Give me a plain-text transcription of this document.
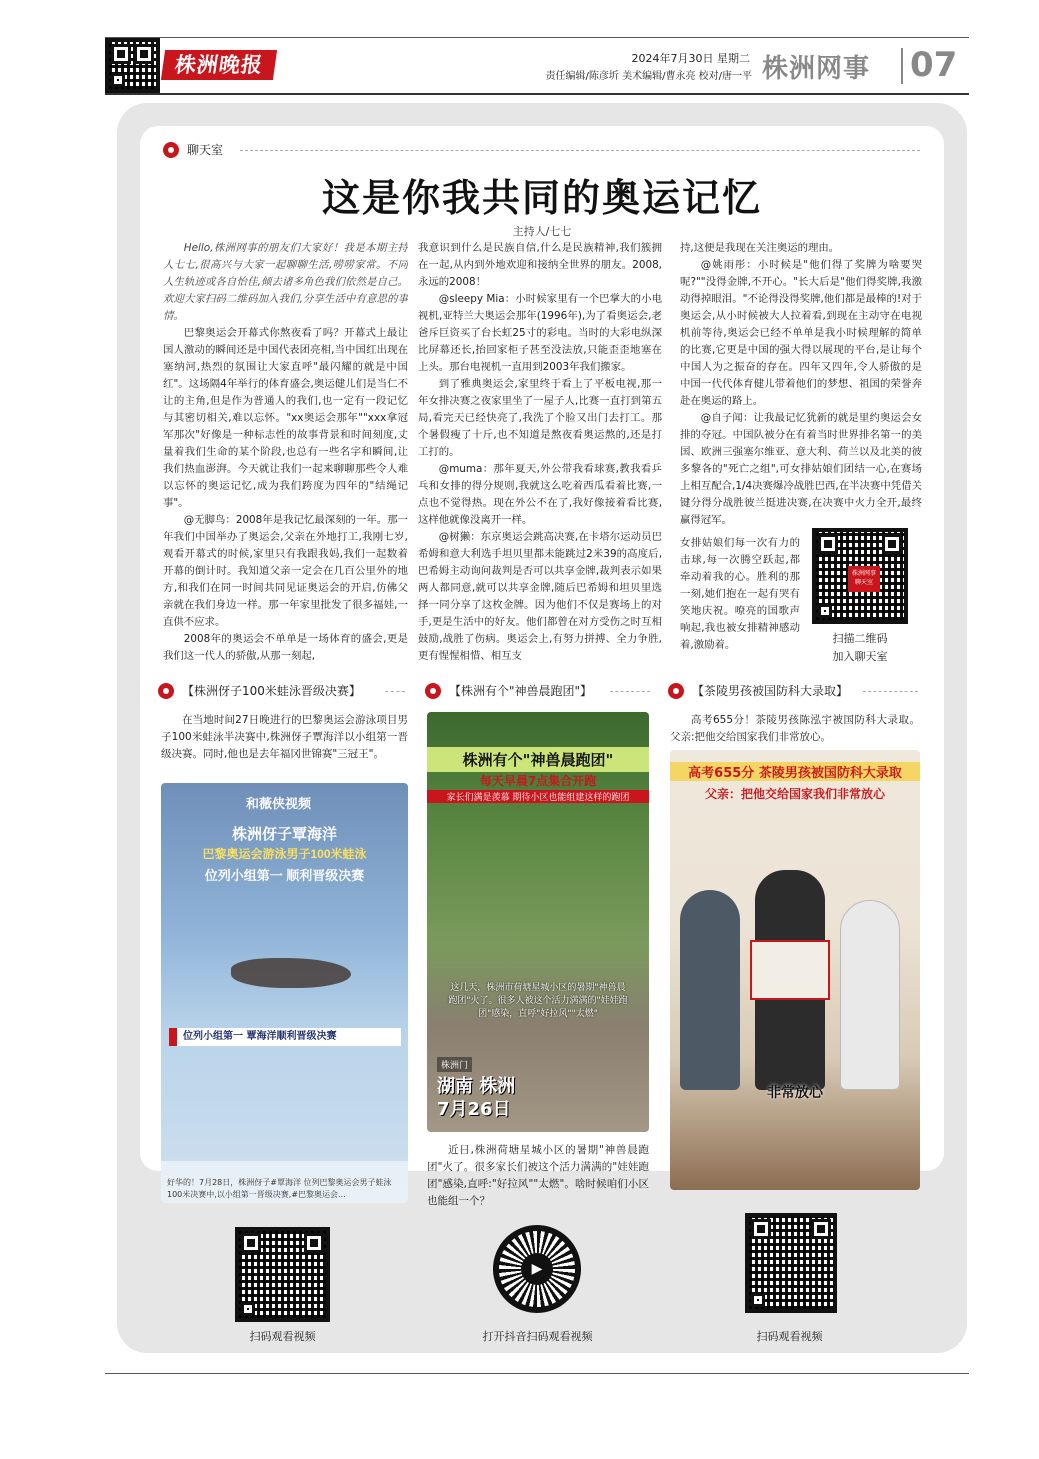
株洲晚报	2024年7月30日 星期二
责任编辑/陈彦圻 美术编辑/曹永亮 校对/唐一平 株洲网事 07
聊天室
这是你我共同的奥运记忆
主持人/七七

Hello,株洲网事的朋友们大家好！我是本期主持人七七,很高兴与大家一起聊聊生活,唠唠家常。不同人生轨迹或各自怡佳,倾去诸多角色我们依然是自己。欢迎大家扫码二维码加入我们,分享生活中有意思的事情。

巴黎奥运会开幕式你熬夜看了吗？开幕式上最让国人激动的瞬间还是中国代表团亮相,当中国红出现在塞纳河,热烈的氛围让大家直呼"最闪耀的就是中国红"。这场隔4年举行的体育盛会,奥运健儿们是当仁不让的主角,但是作为普通人的我们,也一定有一段记忆与其密切相关,难以忘怀。"xx奥运会那年""xxx拿冠军那次"好像是一种标志性的故事背景和时间刻度,丈量着我们生命的某个阶段,也总有一些名字和瞬间,让我们热血澎湃。今天就让我们一起来聊聊那些令人难以忘怀的奥运记忆,成为我们跨度为四年的"结绳记事"。

@无脚鸟：2008年是我记忆最深刻的一年。那一年我们中国举办了奥运会,父亲在外地打工,我刚七岁,观看开幕式的时候,家里只有我跟我妈,我们一起数着开幕的倒计时。我知道父亲一定会在几百公里外的地方,和我们在同一时间共同见证奥运会的开启,仿佛父亲就在我们身边一样。那一年家里批发了很多福娃,一直供不应求。

2008年的奥运会不单单是一场体育的盛会,更是我们这一代人的骄傲,从那一刻起,

我意识到什么是民族自信,什么是民族精神,我们簇拥在一起,从内到外地欢迎和接纳全世界的朋友。2008,永远的2008！

@sleepy Mia：小时候家里有一个巴掌大的小电视机,亚特兰大奥运会那年(1996年),为了看奥运会,老爸斥巨资买了台长虹25寸的彩电。当时的大彩电纵深比屏幕还长,抬回家柜子甚至没法放,只能歪歪地塞在上头。那台电视机一直用到2003年我们搬家。

到了雅典奥运会,家里终于看上了平板电视,那一年女排决赛之夜家里坐了一屋子人,比赛一直打到第五局,看完天已经快亮了,我洗了个脸又出门去打工。那个暑假瘦了十斤,也不知道是熬夜看奥运熬的,还是打工打的。

@muma：那年夏天,外公带我看球赛,教我看乒乓和女排的得分规则,我就这么吃着西瓜看着比赛,一点也不觉得热。现在外公不在了,我好像接着看比赛,这样他就像没离开一样。

@树獭：东京奥运会跳高决赛,在卡塔尔运动员巴希姆和意大利选手坦贝里都未能跳过2米39的高度后,巴希姆主动询问裁判是否可以共享金牌,裁判表示如果两人都同意,就可以共享金牌,随后巴希姆和坦贝里选择一同分享了这枚金牌。因为他们不仅是赛场上的对手,更是生活中的好友。他们都曾在对方受伤之时互相鼓励,战胜了伤病。奥运会上,有努力拼搏、全力争胜,更有惺惺相惜、相互支

持,这便是我现在关注奥运的理由。

@姚雨彤：小时候是"他们得了奖牌为啥要哭呢?""没得金牌,不开心。"长大后是"他们得奖牌,我激动得掉眼泪。"不论得没得奖牌,他们都是最棒的!对于奥运会,从小时候被大人拉着看,到现在主动守在电视机前等待,奥运会已经不单单是我小时候理解的简单的比赛,它更是中国的强大得以展现的平台,是让每个中国人为之振奋的存在。四年又四年,令人骄傲的是中国一代代体育健儿带着他们的梦想、祖国的荣誉奔赴在奥运的路上。

@自子闻：让我最记忆犹新的就是里约奥运会女排的夺冠。中国队被分在有着当时世界排名第一的美国、欧洲三强塞尔维亚、意大利、荷兰以及北美的彼多黎各的"死亡之组",可女排姑娘们团结一心,在赛场上相互配合,1/4决赛爆冷战胜巴西,在半决赛中凭借关键分得分战胜彼兰挺进决赛,在决赛中火力全开,最终赢得冠军。

女排姑娘们每一次有力的击球,每一次腾空跃起,都牵动着我的心。胜利的那一刻,她们抱在一起有哭有笑地庆祝。嘹亮的国歌声响起,我也被女排精神感动着,激励着。

株洲网事
聊天室
扫描二维码
加入聊天室
【株洲伢子100米蛙泳晋级决赛】

在当地时间27日晚进行的巴黎奥运会游泳项目男子100米蛙泳半决赛中,株洲伢子覃海洋以小组第一晋级决赛。同时,他也是去年福冈世锦赛"三冠王"。

和薇侠视频
株洲伢子覃海洋
巴黎奥运会游泳男子100米蛙泳
位列小组第一 顺利晋级决赛
位列小组第一 覃海洋顺利晋级决赛
好华的！7月28日，株洲伢子#覃海洋 位列巴黎奥运会男子蛙泳100米决赛中,以小组第一晋级决赛,#巴黎奥运会...
扫码观看视频
【株洲有个"神兽晨跑团"】
株洲有个"神兽晨跑团"
每天早晨7点集合开跑
家长们满是羡慕 期待小区也能组建这样的跑团
这几天，株洲市荷塘星城小区的暑期"神兽晨跑团"火了。很多人被这个活力满满的"娃娃跑团"感染，直呼"好拉风""太燃"
株洲门
湖南 株洲
7月26日

近日,株洲荷塘星城小区的暑期"神兽晨跑团"火了。很多家长们被这个活力满满的"娃娃跑团"感染,直呼:"好拉风""太燃"。啥时候咱们小区也能组一个？

▶
打开抖音扫码观看视频
【茶陵男孩被国防科大录取】

高考655分！茶陵男孩陈泓宇被国防科大录取。父亲:把他交给国家我们非常放心。

高考655分 茶陵男孩被国防科大录取
父亲：把他交给国家我们非常放心
非常放心
扫码观看视频
